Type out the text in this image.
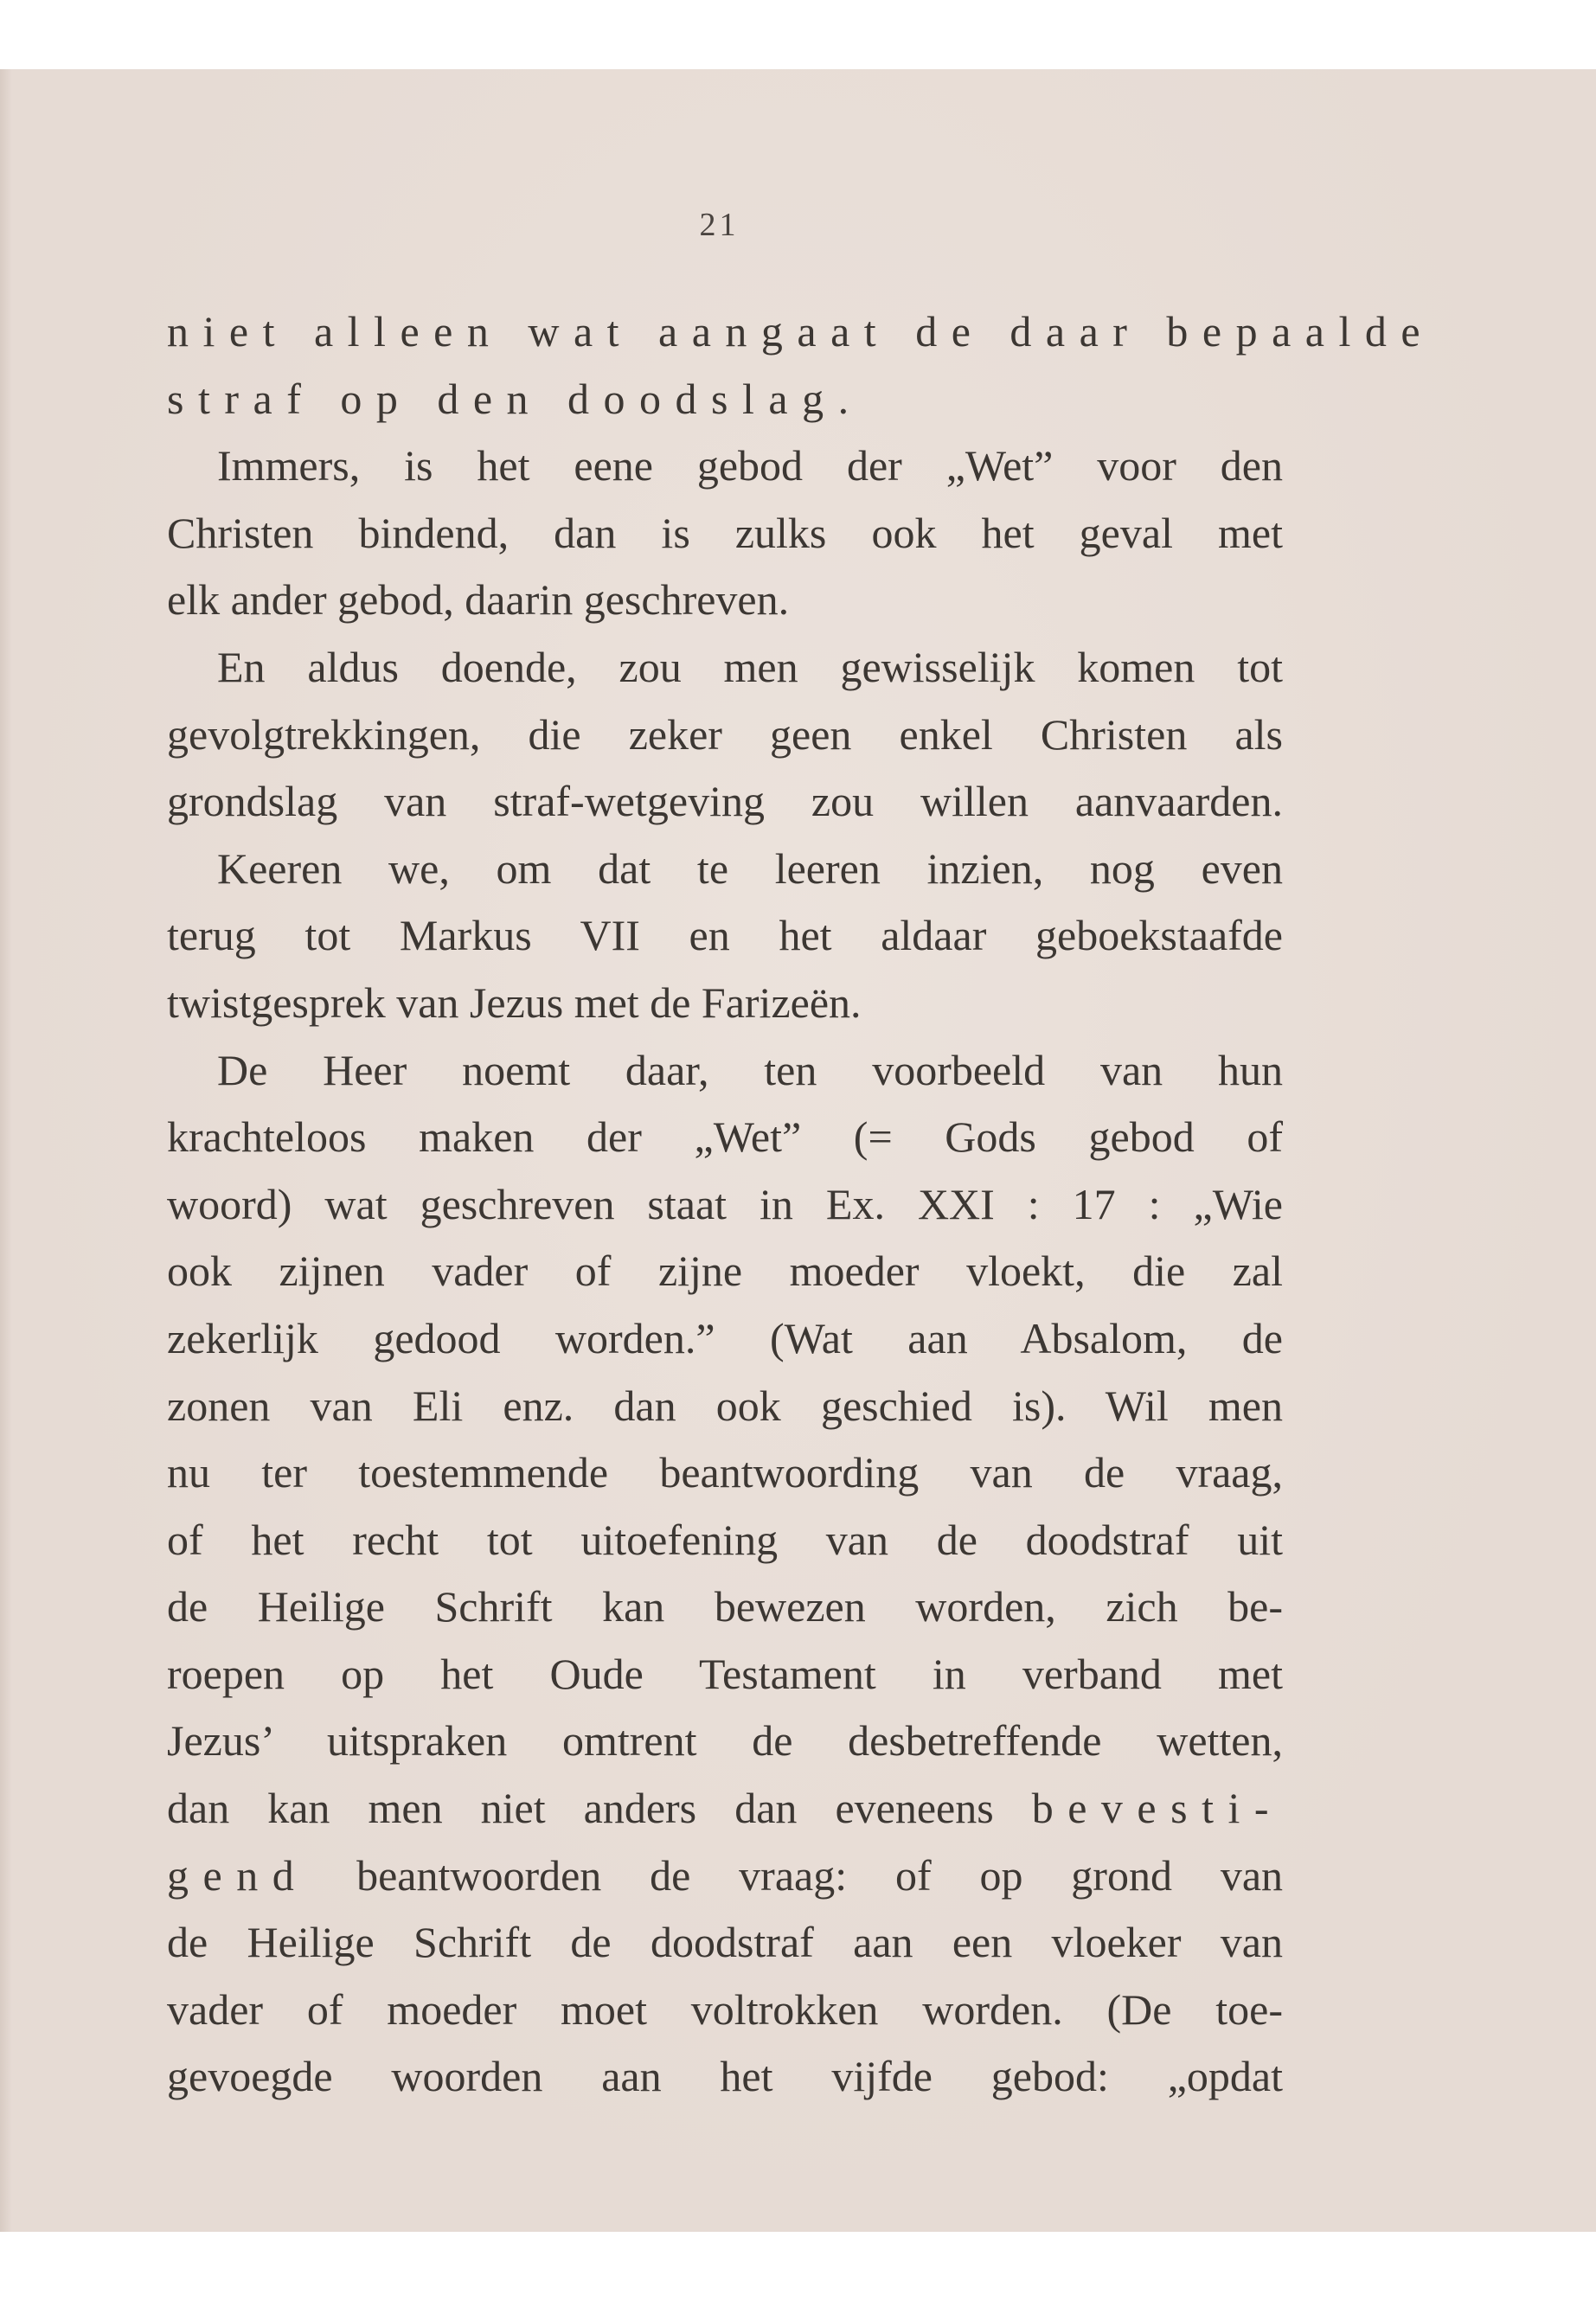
21
niet alleen wat aangaat de daar bepaalde
straf op den doodslag.
Immers, is het eene gebod der „Wet” voor den
Christen bindend, dan is zulks ook het geval met
elk ander gebod, daarin geschreven.
En aldus doende, zou men gewisselijk komen tot
gevolgtrekkingen, die zeker geen enkel Christen als
grondslag van straf-wetgeving zou willen aanvaarden.
Keeren we, om dat te leeren inzien, nog even
terug tot Markus VII en het aldaar geboekstaafde
twistgesprek van Jezus met de Farizeën.
De Heer noemt daar, ten voorbeeld van hun
krachteloos maken der „Wet” (= Gods gebod of
woord) wat geschreven staat in Ex. XXI : 17 : „Wie
ook zijnen vader of zijne moeder vloekt, die zal
zekerlijk gedood worden.” (Wat aan Absalom, de
zonen van Eli enz. dan ook geschied is). Wil men
nu ter toestemmende beantwoording van de vraag,
of het recht tot uitoefening van de doodstraf uit
de Heilige Schrift kan bewezen worden, zich be-
roepen op het Oude Testament in verband met
Jezus’ uitspraken omtrent de desbetreffende wetten,
dan kan men niet anders dan eveneens bevesti-
gend beantwoorden de vraag: of op grond van
de Heilige Schrift de doodstraf aan een vloeker van
vader of moeder moet voltrokken worden. (De toe-
gevoegde woorden aan het vijfde gebod: „opdat
